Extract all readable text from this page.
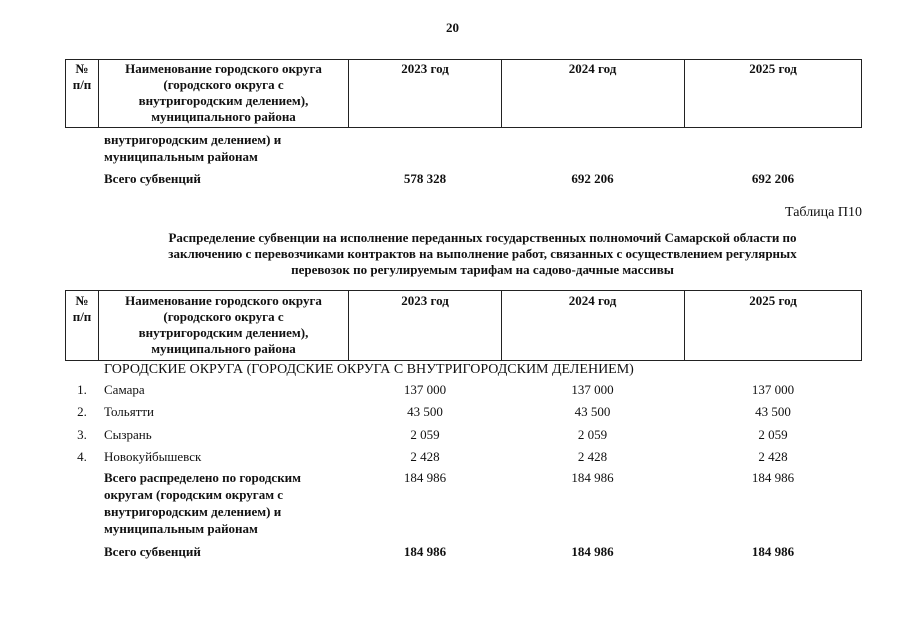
20
№
п/п
Наименование городского округа
(городского округа с
внутригородским делением),
муниципального района
2023 год	2024 год	2025 год
внутригородским делением) и
муниципальным районам
Всего субвенций	578 328	692 206	692 206
Таблица П10
Распределение субвенции на исполнение переданных государственных полномочий Самарской области по
заключению с перевозчиками контрактов на выполнение работ, связанных с осуществлением регулярных
перевозок по регулируемым тарифам на садово-дачные массивы
№
п/п
Наименование городского округа
(городского округа с
внутригородским делением),
муниципального района
2023 год	2024 год	2025 год
ГОРОДСКИЕ ОКРУГА (ГОРОДСКИЕ ОКРУГА С ВНУТРИГОРОДСКИМ ДЕЛЕНИЕМ)
1.	Самара	137 000	137 000	137 000
2.	Тольятти	43 500	43 500	43 500
3.	Сызрань	2 059	2 059	2 059
4.	Новокуйбышевск	2 428	2 428	2 428
Всего распределено по городским
округам (городским округам с
внутригородским делением) и
муниципальным районам
184 986	184 986	184 986
Всего субвенций	184 986	184 986	184 986
